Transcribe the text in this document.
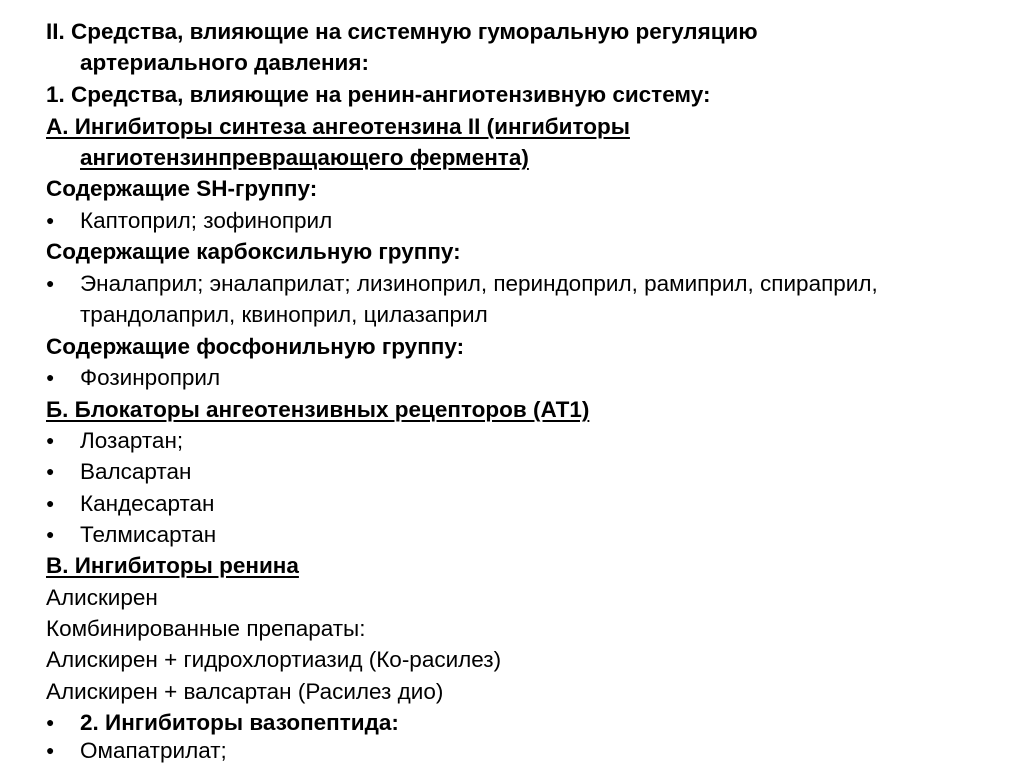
II. Средства, влияющие на системную гуморальную регуляцию
артериального давления:
1. Средства, влияющие на ренин-ангиотензивную систему:
А. Ингибиторы синтеза ангеотензина II (ингибиторы
ангиотензинпревращающего фермента)
Содержащие SH-группу:
● Каптоприл; зофиноприл
Содержащие карбоксильную группу:
● Эналаприл; эналаприлат; лизиноприл, периндоприл, рамиприл, спираприл,
трандолаприл, квиноприл, цилазаприл
Содержащие фосфонильную группу:
● Фозинроприл
Б. Блокаторы ангеотензивных рецепторов (АТ1)
● Лозартан;
● Валсартан
● Кандесартан
● Телмисартан
В. Ингибиторы ренина
Алискирен
Комбинированные препараты:
Алискирен + гидрохлортиазид (Ко-расилез)
Алискирен + валсартан (Расилез дио)
● 2. Ингибиторы вазопептида:
● Омапатрилат;
